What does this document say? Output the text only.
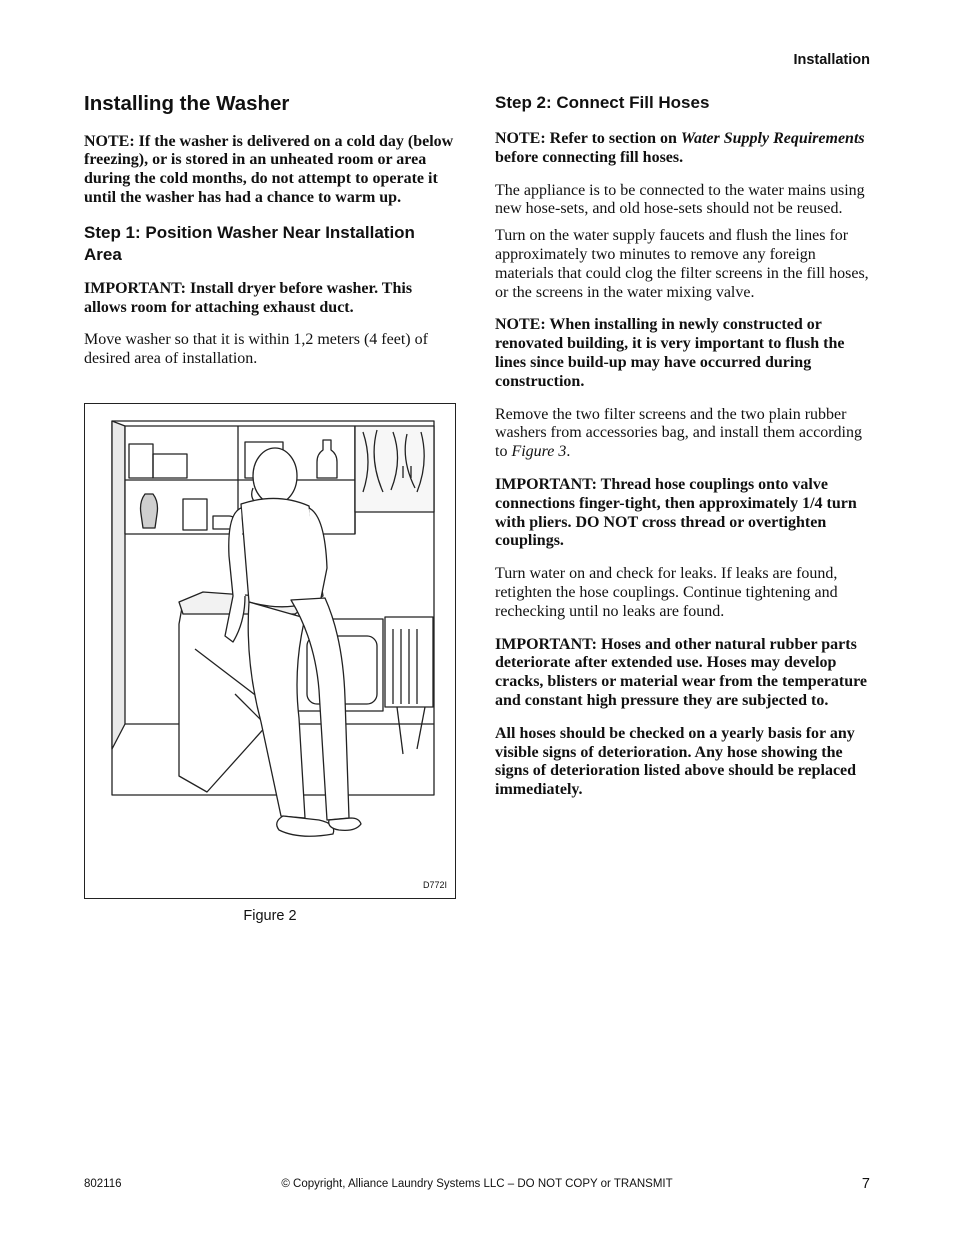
Installation
Installing the Washer

NOTE: If the washer is delivered on a cold day (below freezing), or is stored in an unheated room or area during the cold months, do not attempt to operate it until the washer has had a chance to warm up.

Step 1: Position Washer Near Installation Area

IMPORTANT: Install dryer before washer. This allows room for attaching exhaust duct.

Move washer so that it is within 1,2 meters (4 feet) of desired area of installation.

D772I
Figure 2
Step 2: Connect Fill Hoses

NOTE: Refer to section on Water Supply Requirements before connecting fill hoses.

The appliance is to be connected to the water mains using new hose-sets, and old hose-sets should not be reused.

Turn on the water supply faucets and flush the lines for approximately two minutes to remove any foreign materials that could clog the filter screens in the fill hoses, or the screens in the water mixing valve.

NOTE: When installing in newly constructed or renovated building, it is very important to flush the lines since build-up may have occurred during construction.

Remove the two filter screens and the two plain rubber washers from accessories bag, and install them according to Figure 3.

IMPORTANT: Thread hose couplings onto valve connections finger-tight, then approximately 1/4 turn with pliers. DO NOT cross thread or overtighten couplings.

Turn water on and check for leaks. If leaks are found, retighten the hose couplings. Continue tightening and rechecking until no leaks are found.

IMPORTANT: Hoses and other natural rubber parts deteriorate after extended use. Hoses may develop cracks, blisters or material wear from the temperature and constant high pressure they are subjected to.

All hoses should be checked on a yearly basis for any visible signs of deterioration. Any hose showing the signs of deterioration listed above should be replaced immediately.

802116	© Copyright, Alliance Laundry Systems LLC – DO NOT COPY or TRANSMIT	7
